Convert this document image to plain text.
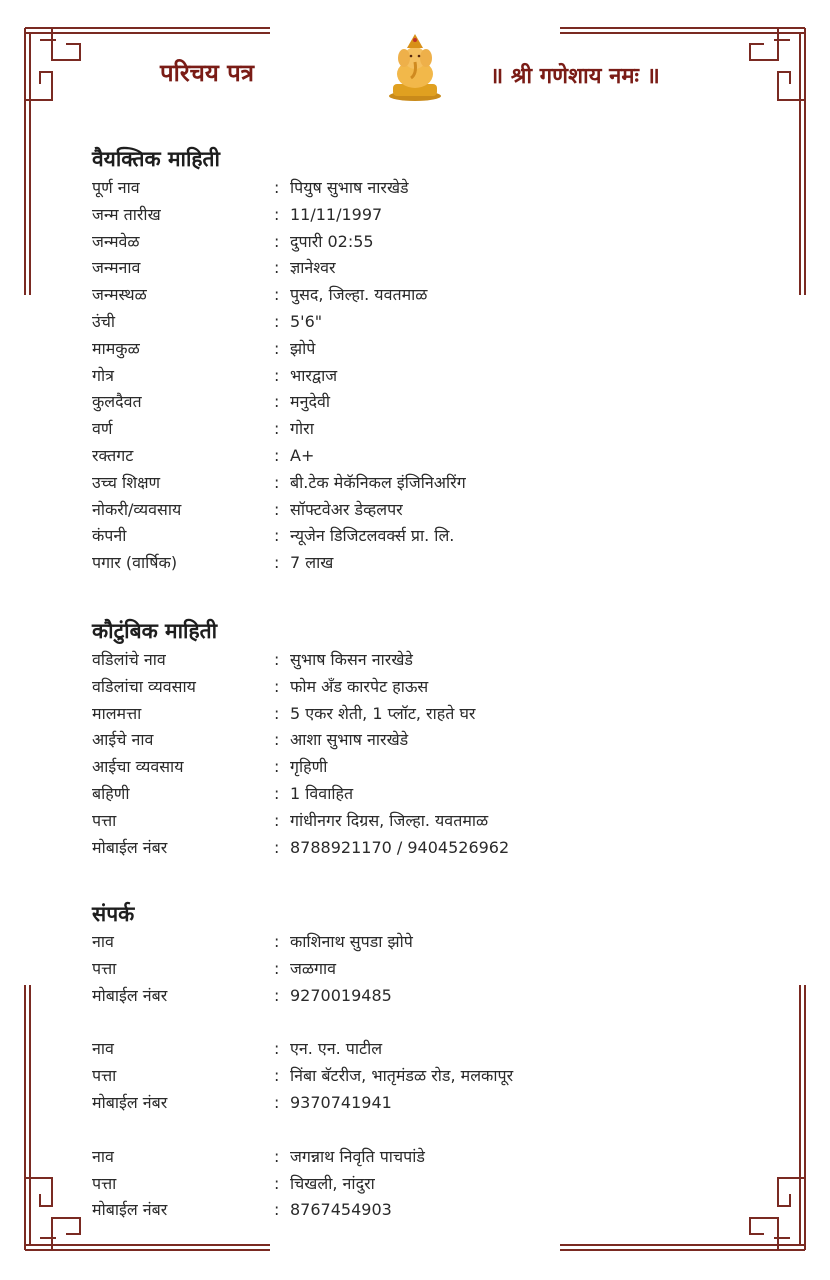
परिचय पत्र	॥ श्री गणेशाय नमः ॥
वैयक्तिक माहिती
पूर्ण नाव	: पियुष सुभाष नारखेडे
जन्म तारीख	: 11/11/1997
जन्मवेळ	: दुपारी 02:55
जन्मनाव	: ज्ञानेश्वर
जन्मस्थळ	: पुसद, जिल्हा. यवतमाळ
उंची	: 5'6"
मामकुळ	: झोपे
गोत्र	: भारद्वाज
कुलदैवत	: मनुदेवी
वर्ण	: गोरा
रक्तगट	: A+
उच्च शिक्षण	: बी.टेक मेकॅनिकल इंजिनिअरिंग
नोकरी/व्यवसाय	: सॉफ्टवेअर डेव्हलपर
कंपनी	: न्यूजेन डिजिटलवर्क्स प्रा. लि.
पगार (वार्षिक)	: 7 लाख
कौटुंबिक माहिती
वडिलांचे नाव	: सुभाष किसन नारखेडे
वडिलांचा व्यवसाय	: फोम अँड कारपेट हाऊस
मालमत्ता	: 5 एकर शेती, 1 प्लॉट, राहते घर
आईचे नाव	: आशा सुभाष नारखेडे
आईचा व्यवसाय	: गृहिणी
बहिणी	: 1 विवाहित
पत्ता	: गांधीनगर दिग्रस, जिल्हा. यवतमाळ
मोबाईल नंबर	: 8788921170 / 9404526962
संपर्क
नाव	: काशिनाथ सुपडा झोपे
पत्ता	: जळगाव
मोबाईल नंबर	: 9270019485
नाव	: एन. एन. पाटील
पत्ता	: निंबा बॅटरीज, भातृमंडळ रोड, मलकापूर
मोबाईल नंबर	: 9370741941
नाव	: जगन्नाथ निवृति पाचपांडे
पत्ता	: चिखली, नांदुरा
मोबाईल नंबर	: 8767454903
